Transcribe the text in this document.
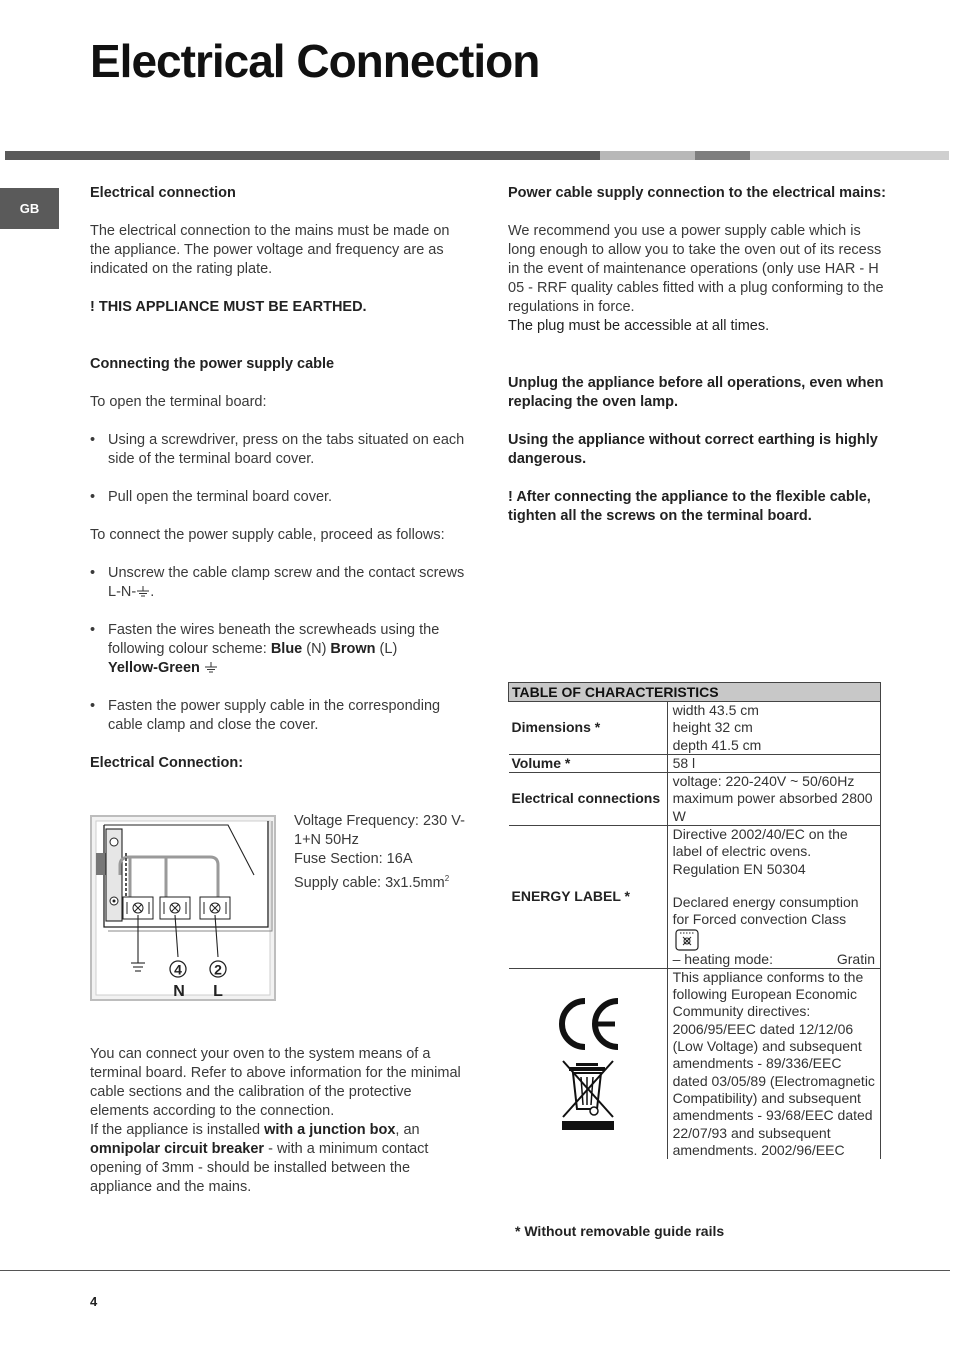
Electrical Connection
GB

Electrical connection

The electrical connection to the mains must be made on the appliance. The power voltage and frequency are as indicated on the rating plate.

! THIS APPLIANCE MUST BE EARTHED.

Connecting the power supply cable

To open the terminal board:

• Using a screwdriver, press on the tabs situated on each side of the terminal board cover.

• Pull open the terminal board cover.

To connect the power supply cable, proceed as follows:

• Unscrew the cable clamp screw and the contact screws L-N- .

• Fasten the wires beneath the screwheads using the following colour scheme: Blue (N) Brown (L)
Yellow-Green

• Fasten the power supply cable in the corresponding cable clamp and close the cover.

Electrical Connection:

4 2
N L
Voltage Frequency: 230 V-1+N 50Hz
Fuse Section: 16A
Supply cable: $3x1.5mm^2$
You can connect your oven to the system means of a terminal board. Refer to above information for the minimal cable sections and the calibration of the protective elements according to the connection.
If the appliance is installed with a junction box, an omnipolar circuit breaker - with a minimum contact opening of 3mm - should be installed between the appliance and the mains.

Power cable supply connection to the electrical mains:

We recommend you use a power supply cable which is long enough to allow you to take the oven out of its recess in the event of maintenance operations (only use HAR - H 05 - RRF quality cables fitted with a plug conforming to the regulations in force.

The plug must be accessible at all times.

Unplug the appliance before all operations, even when replacing the oven lamp.

Using the appliance without correct earthing is highly dangerous.

! After connecting the appliance to the flexible cable, tighten all the screws on the terminal board.

TABLE OF CHARACTERISTICS	
Dimensions *	width 43.5 cm
height 32 cm
depth 41.5 cm

Volume *	58 l
Electrical connections	voltage: 220-240V ~ 50/60Hz
maximum power absorbed 2800 W

ENERGY LABEL *	Directive 2002/40/EC on the label of electric ovens. Regulation EN 50304
Declared energy consumption for Forced convection Class
– heating mode: Gratin

	This appliance conforms to the following European Economic Community directives: 2006/95/EEC dated 12/12/06 (Low Voltage) and subsequent amendments - 89/336/EEC dated 03/05/89 (Electromagnetic Compatibility) and subsequent amendments - 93/68/EEC dated 22/07/93 and subsequent amendments. 2002/96/EEC
* Without removable guide rails
4
